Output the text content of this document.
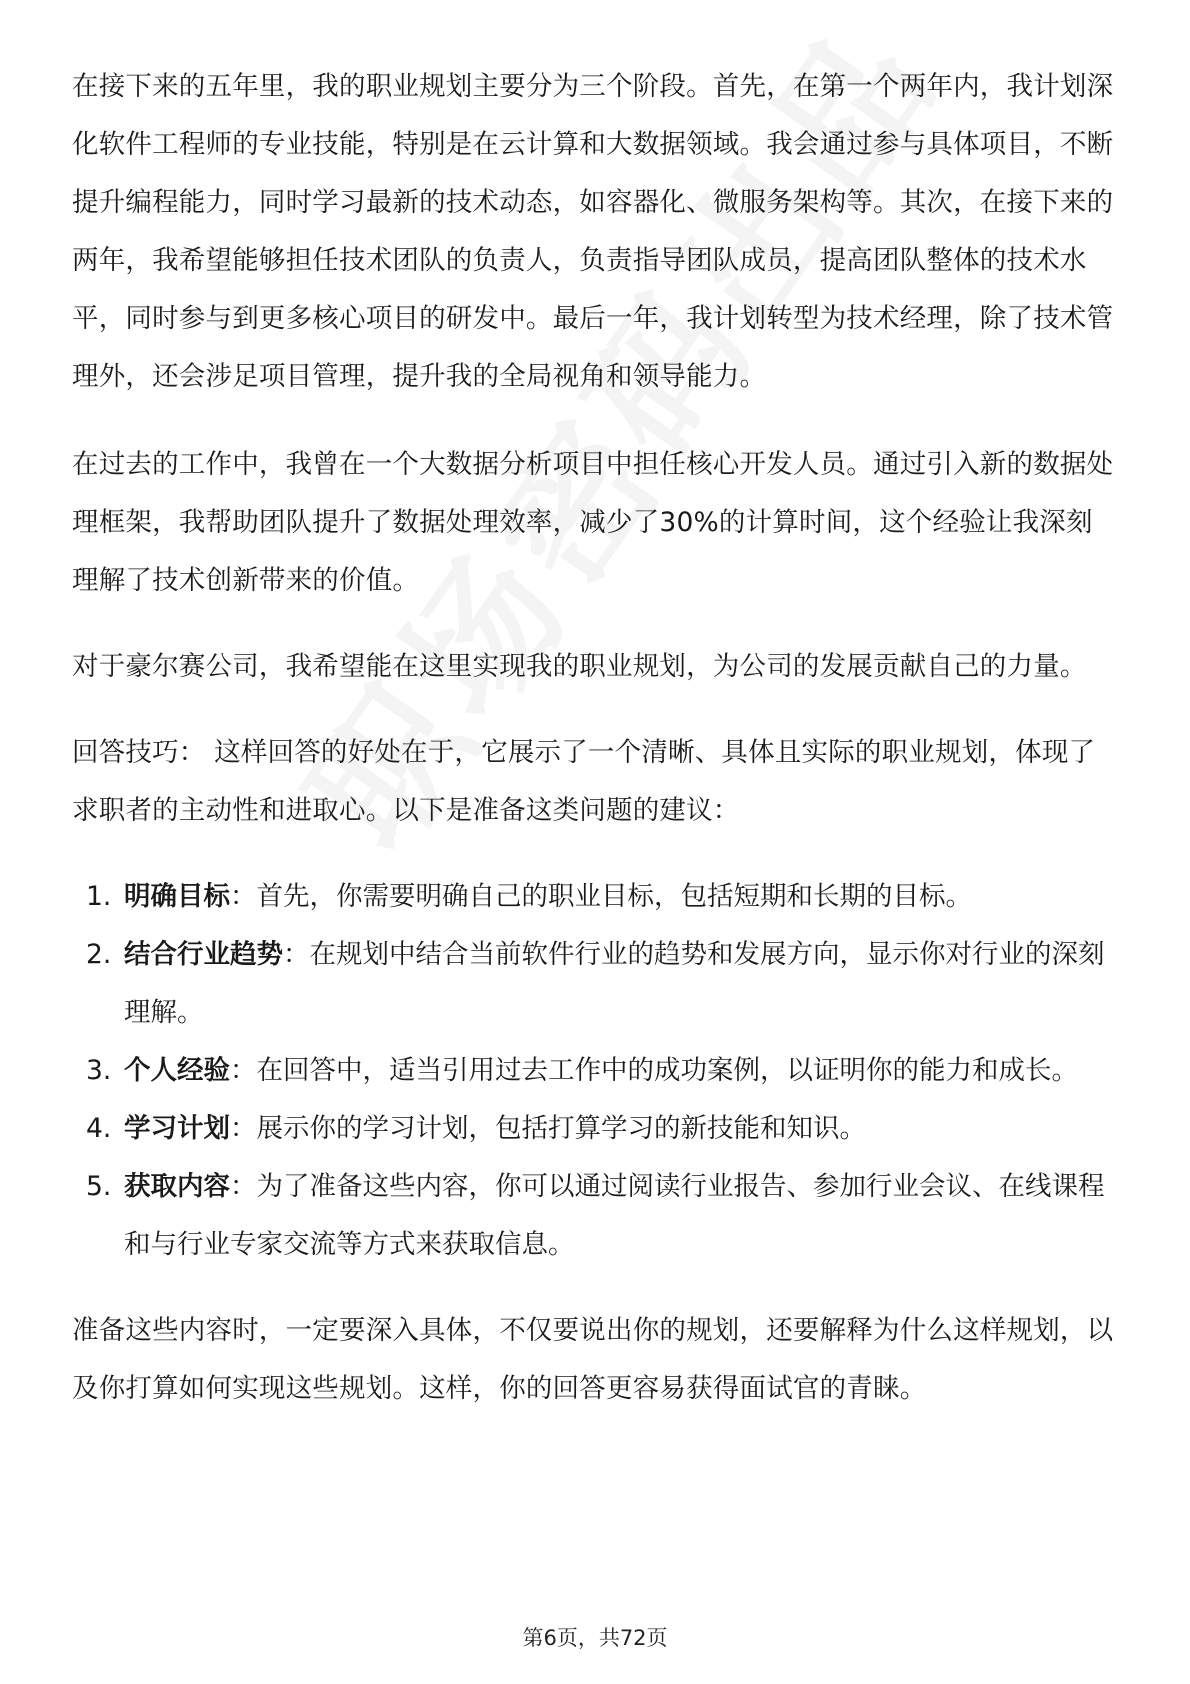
在接下来的五年里，我的职业规划主要分为三个阶段。首先，在第一个两年内，我计划深化软件工程师的专业技能，特别是在云计算和大数据领域。我会通过参与具体项目，不断提升编程能力，同时学习最新的技术动态，如容器化、微服务架构等。其次，在接下来的两年，我希望能够担任技术团队的负责人，负责指导团队成员，提高团队整体的技术水平，同时参与到更多核心项目的研发中。最后一年，我计划转型为技术经理，除了技术管理外，还会涉足项目管理，提升我的全局视角和领导能力。

在过去的工作中，我曾在一个大数据分析项目中担任核心开发人员。通过引入新的数据处理框架，我帮助团队提升了数据处理效率，减少了30%的计算时间，这个经验让我深刻理解了技术创新带来的价值。

对于豪尔赛公司，我希望能在这里实现我的职业规划，为公司的发展贡献自己的力量。

回答技巧： 这样回答的好处在于，它展示了一个清晰、具体且实际的职业规划，体现了求职者的主动性和进取心。以下是准备这类问题的建议：

1. 明确目标：首先，你需要明确自己的职业目标，包括短期和长期的目标。
2. 结合行业趋势：在规划中结合当前软件行业的趋势和发展方向，显示你对行业的深刻理解。
3. 个人经验：在回答中，适当引用过去工作中的成功案例，以证明你的能力和成长。
4. 学习计划：展示你的学习计划，包括打算学习的新技能和知识。
5. 获取内容：为了准备这些内容，你可以通过阅读行业报告、参加行业会议、在线课程和与行业专家交流等方式来获取信息。

准备这些内容时，一定要深入具体，不仅要说出你的规划，还要解释为什么这样规划，以及你打算如何实现这些规划。这样，你的回答更容易获得面试官的青睐。

第6页，共72页
